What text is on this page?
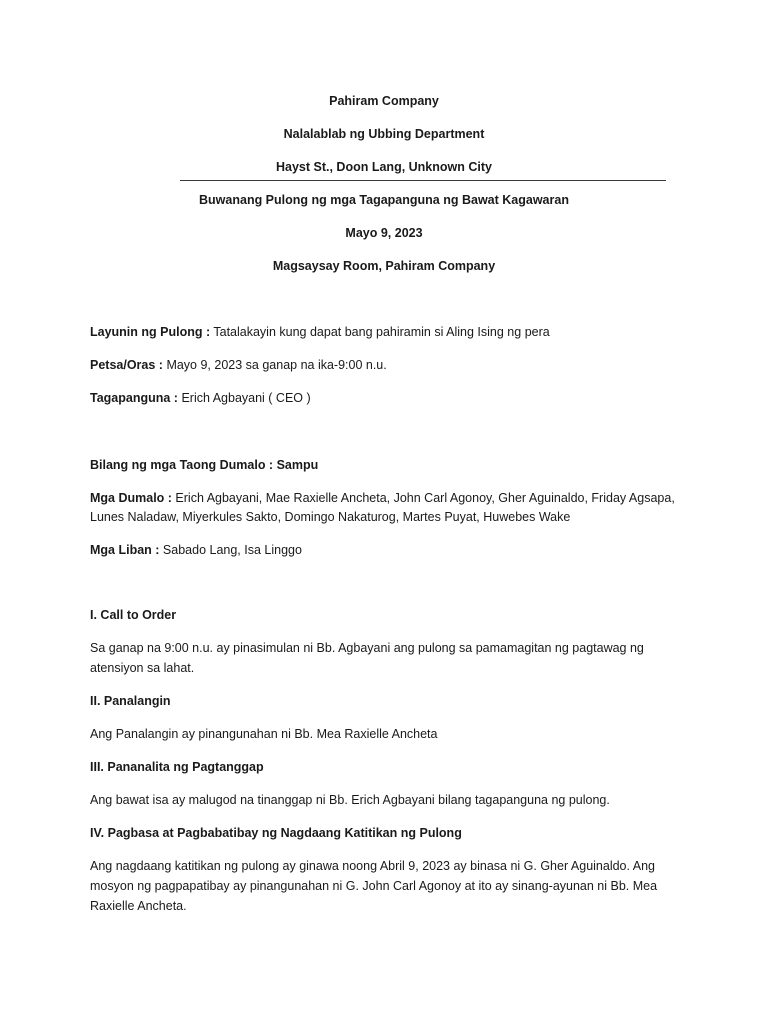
Pahiram Company
Nalalablab ng Ubbing Department
Hayst St., Doon Lang, Unknown City
Buwanang Pulong ng mga Tagapanguna ng Bawat Kagawaran
Mayo 9, 2023
Magsaysay Room, Pahiram Company
Layunin ng Pulong : Tatalakayin kung dapat bang pahiramin si Aling Ising ng pera
Petsa/Oras : Mayo 9, 2023 sa ganap na ika-9:00 n.u.
Tagapanguna : Erich Agbayani ( CEO )
Bilang ng mga Taong Dumalo : Sampu
Mga Dumalo : Erich Agbayani, Mae Raxielle Ancheta, John Carl Agonoy, Gher Aguinaldo, Friday Agsapa,
Lunes Naladaw, Miyerkules Sakto, Domingo Nakaturog, Martes Puyat, Huwebes Wake
Mga Liban : Sabado Lang, Isa Linggo
I. Call to Order
Sa ganap na 9:00 n.u. ay pinasimulan ni Bb. Agbayani ang pulong sa pamamagitan ng pagtawag ng
atensiyon sa lahat.
II. Panalangin
Ang Panalangin ay pinangunahan ni Bb. Mea Raxielle Ancheta
III. Pananalita ng Pagtanggap
Ang bawat isa ay malugod na tinanggap ni Bb. Erich Agbayani bilang tagapanguna ng pulong.
IV. Pagbasa at Pagbabatibay ng Nagdaang Katitikan ng Pulong
Ang nagdaang katitikan ng pulong ay ginawa noong Abril 9, 2023 ay binasa ni G. Gher Aguinaldo. Ang
mosyon ng pagpapatibay ay pinangunahan ni G. John Carl Agonoy at ito ay sinang-ayunan ni Bb. Mea
Raxielle Ancheta.
